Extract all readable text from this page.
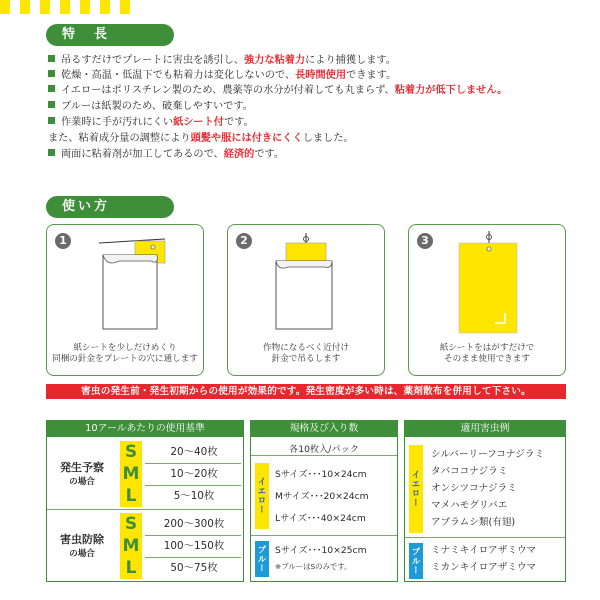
特　長
吊るすだけでプレートに害虫を誘引し、強力な粘着力により捕獲します。
乾燥・高温・低温下でも粘着力は変化しないので、長時間使用できます。
イエローはポリスチレン製のため、農薬等の水分が付着しても丸まらず、粘着力が低下しません。
ブルーは紙製のため、破棄しやすいです。
作業時に手が汚れにくい紙シート付です。
また、粘着成分量の調整により頭髪や服には付きにくくしました。
両面に粘着剤が加工してあるので、経済的です。
使い方
1
紙シートを少しだけめくり
同梱の針金をプレートの穴に通します
2
作物になるべく近付け
針金で吊るします
3
紙シートをはがすだけで
そのまま使用できます
害虫の発生前・発生初期からの使用が効果的です。発生密度が多い時は、薬剤散布を併用して下さい。
10アールあたりの使用基準
発生予察
の場合
S	20〜40枚
M	10〜20枚
L	5〜10枚
害虫防除
の場合
S	200〜300枚
M	100〜150枚
L	50〜75枚
規格及び入り数
各10枚入/パック
イエロー
Sサイズ･･･10×24cm
Mサイズ･･･20×24cm
Lサイズ･･･40×24cm
ブルー Sサイズ･･･10×25cm
※ブルーはSのみです。
適用害虫例
イエロー
シルバーリーフコナジラミ
タバココナジラミ
オンシツコナジラミ
マメハモグリバエ
アブラムシ類(有翅)
ブルー ミナミキイロアザミウマ
ミカンキイロアザミウマ
